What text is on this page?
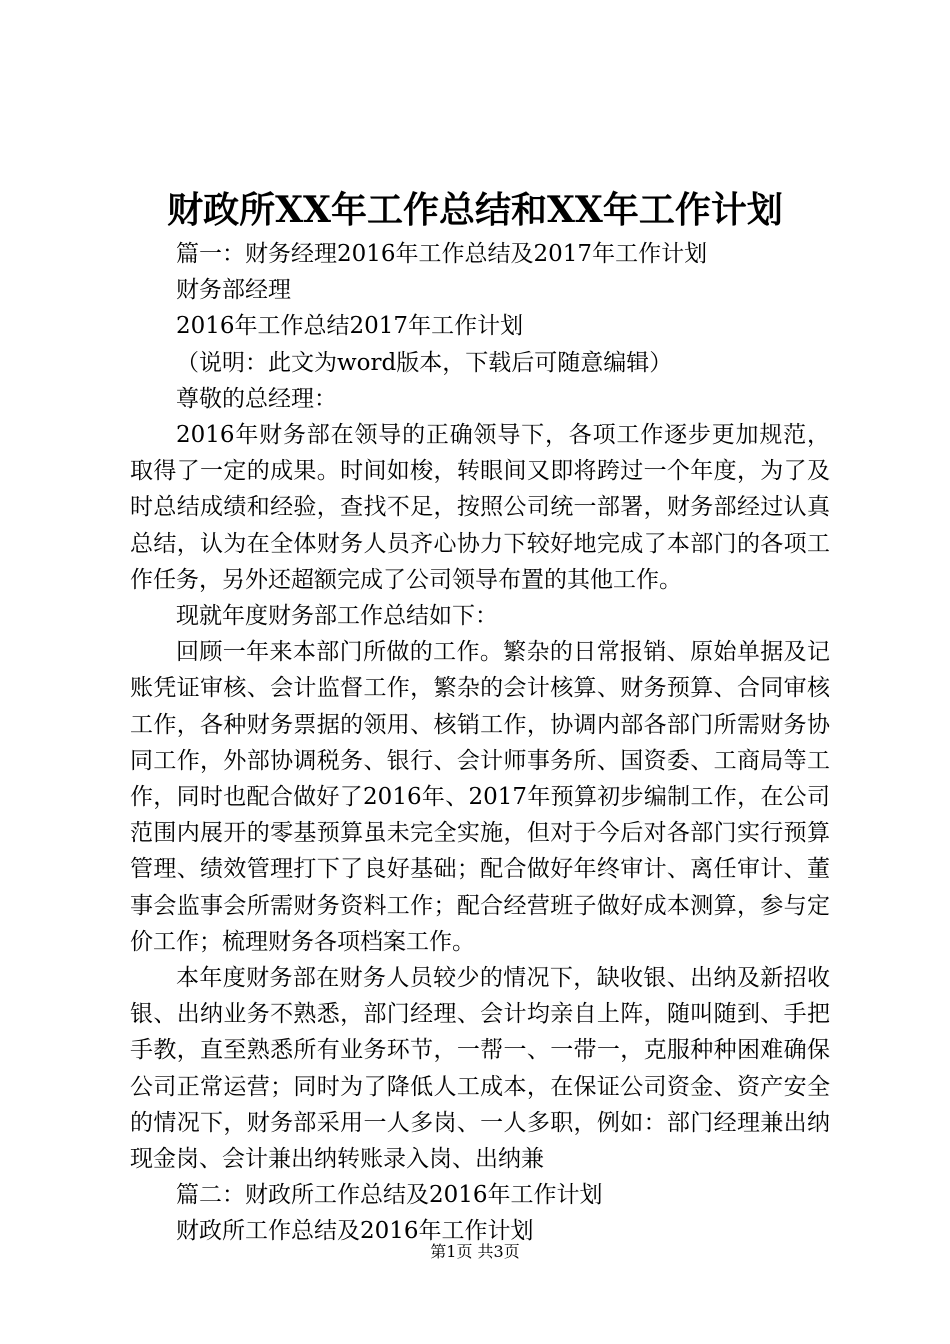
财政所XX年工作总结和XX年工作计划

篇一：财务经理2016年工作总结及2017年工作计划

财务部经理

2016年工作总结2017年工作计划

（说明：此文为word版本，下载后可随意编辑）

尊敬的总经理：

2016年财务部在领导的正确领导下，各项工作逐步更加规范，取得了一定的成果。时间如梭，转眼间又即将跨过一个年度，为了及时总结成绩和经验，查找不足，按照公司统一部署，财务部经过认真总结，认为在全体财务人员齐心协力下较好地完成了本部门的各项工作任务，另外还超额完成了公司领导布置的其他工作。

现就年度财务部工作总结如下：

回顾一年来本部门所做的工作。繁杂的日常报销、原始单据及记账凭证审核、会计监督工作，繁杂的会计核算、财务预算、合同审核工作，各种财务票据的领用、核销工作，协调内部各部门所需财务协同工作，外部协调税务、银行、会计师事务所、国资委、工商局等工作，同时也配合做好了2016年、2017年预算初步编制工作，在公司范围内展开的零基预算虽未完全实施，但对于今后对各部门实行预算管理、绩效管理打下了良好基础；配合做好年终审计、离任审计、董事会监事会所需财务资料工作；配合经营班子做好成本测算，参与定价工作；梳理财务各项档案工作。

本年度财务部在财务人员较少的情况下，缺收银、出纳及新招收银、出纳业务不熟悉，部门经理、会计均亲自上阵，随叫随到、手把手教，直至熟悉所有业务环节，一帮一、一带一，克服种种困难确保公司正常运营；同时为了降低人工成本，在保证公司资金、资产安全的情况下，财务部采用一人多岗、一人多职，例如：部门经理兼出纳现金岗、会计兼出纳转账录入岗、出纳兼

篇二：财政所工作总结及2016年工作计划

财政所工作总结及2016年工作计划

第1页 共3页
